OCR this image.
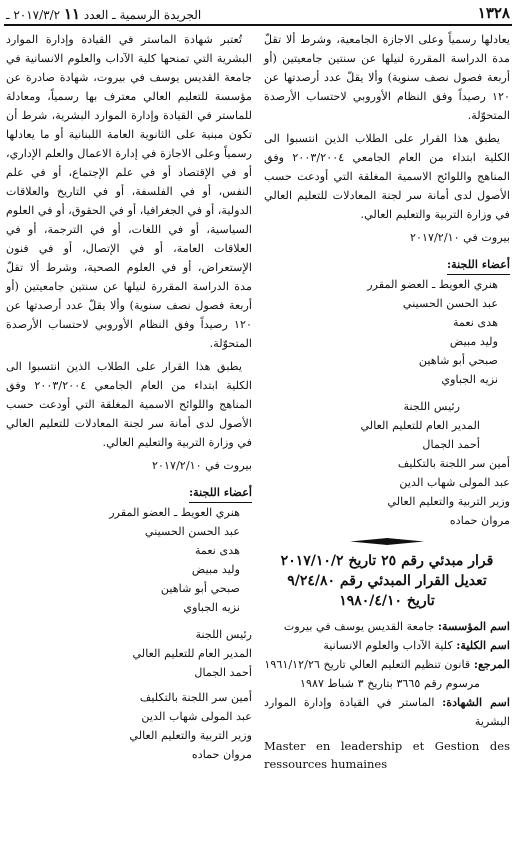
١٣٢٨
الجريدة الرسمية ـ العدد ١١ ٢٠١٧/٣/٢ ـ

يعادلها رسمياً وعلى الاجازة الجامعية، وشرط ألا تقلّ مدة الدراسة المقررة لنيلها عن سنتين جامعيتين (أو أربعة فصول نصف سنوية) وألا يقلّ عدد أرصدتها عن ١٢٠ رصيداً وفق النظام الأوروبي لاحتساب الأرصدة المتحوّلة.

يطبق هذا القرار على الطلاب الذين انتسبوا الى الكلية ابتداء من العام الجامعي ٢٠٠٣/٢٠٠٤ وفق المناهج واللوائح الاسمية المغلقة التي أودعت حسب الأصول لدى أمانة سر لجنة المعادلات للتعليم العالي في وزارة التربية والتعليم العالي.

بيروت في ٢٠١٧/٢/١٠
أعضاء اللجنة:
هنري العويط ـ العضو المقرر
عبد الحسن الحسيني
هدى نعمة
وليد مبيض
صبحي أبو شاهين
نزيه الجباوي
رئيس اللجنة
المدير العام للتعليم العالي
أحمد الجمال
أمين سر اللجنة بالتكليف
عبد المولى شهاب الدين
وزير التربية والتعليم العالي
مروان حماده
قرار مبدئي رقم ٢٥ تاريخ ٢٠١٧/١٠/٢
تعديل القرار المبدئي رقم ٩/٢٤/٨٠
تاريخ ١٩٨٠/٤/١٠
اسم المؤسسة: جامعة القديس يوسف في بيروت
اسم الكلية: كلية الآداب والعلوم الانسانية
المرجع: قانون تنظيم التعليم العالي تاريخ ١٩٦١/١٢/٢٦
مرسوم رقم ٣٦٦٥ بتاريخ ٣ شباط ١٩٨٧
اسم الشهادة: الماستر في القيادة وإدارة الموارد البشرية
Master en leadership et Gestion des ressources humaines

تُعتبر شهادة الماستر في القيادة وإدارة الموارد البشرية التي تمنحها كلية الآداب والعلوم الانسانية في جامعة القديس يوسف في بيروت، شهادة صادرة عن مؤسسة للتعليم العالي معترف بها رسمياً، ومعادلة للماستر في القيادة وإدارة الموارد البشرية، شرط أن تكون مبنية على الثانوية العامة اللبنانية أو ما يعادلها رسمياً وعلى الاجازة في إدارة الاعمال والعلم الإداري، أو في الإقتصاد أو في علم الإجتماع، أو في علم النفس، أو في الفلسفة، أو في التاريخ والعلاقات الدولية، أو في الجغرافيا، أو في الحقوق، أو في العلوم السياسية، أو في اللغات، أو في الترجمة، أو في العلاقات العامة، أو في الإتصال، أو في فنون الإستعراض، أو في العلوم الصحية، وشرط ألا تقلّ مدة الدراسة المقررة لنيلها عن سنتين جامعيتين (أو أربعة فصول نصف سنوية) وألا يقلّ عدد أرصدتها عن ١٢٠ رصيداً وفق النظام الأوروبي لاحتساب الأرصدة المتحوّلة.

يطبق هذا القرار على الطلاب الذين انتسبوا الى الكلية ابتداء من العام الجامعي ٢٠٠٣/٢٠٠٤ وفق المناهج واللوائح الاسمية المغلقة التي أودعت حسب الأصول لدى أمانة سر لجنة المعادلات للتعليم العالي في وزارة التربية والتعليم العالي.

بيروت في ٢٠١٧/٢/١٠
أعضاء اللجنة:
هنري العويط ـ العضو المقرر
عبد الحسن الحسيني
هدى نعمة
وليد مبيض
صبحي أبو شاهين
نزيه الجباوي
رئيس اللجنة
المدير العام للتعليم العالي
أحمد الجمال
أمين سر اللجنة بالتكليف
عبد المولى شهاب الدين
وزير التربية والتعليم العالي
مروان حماده
